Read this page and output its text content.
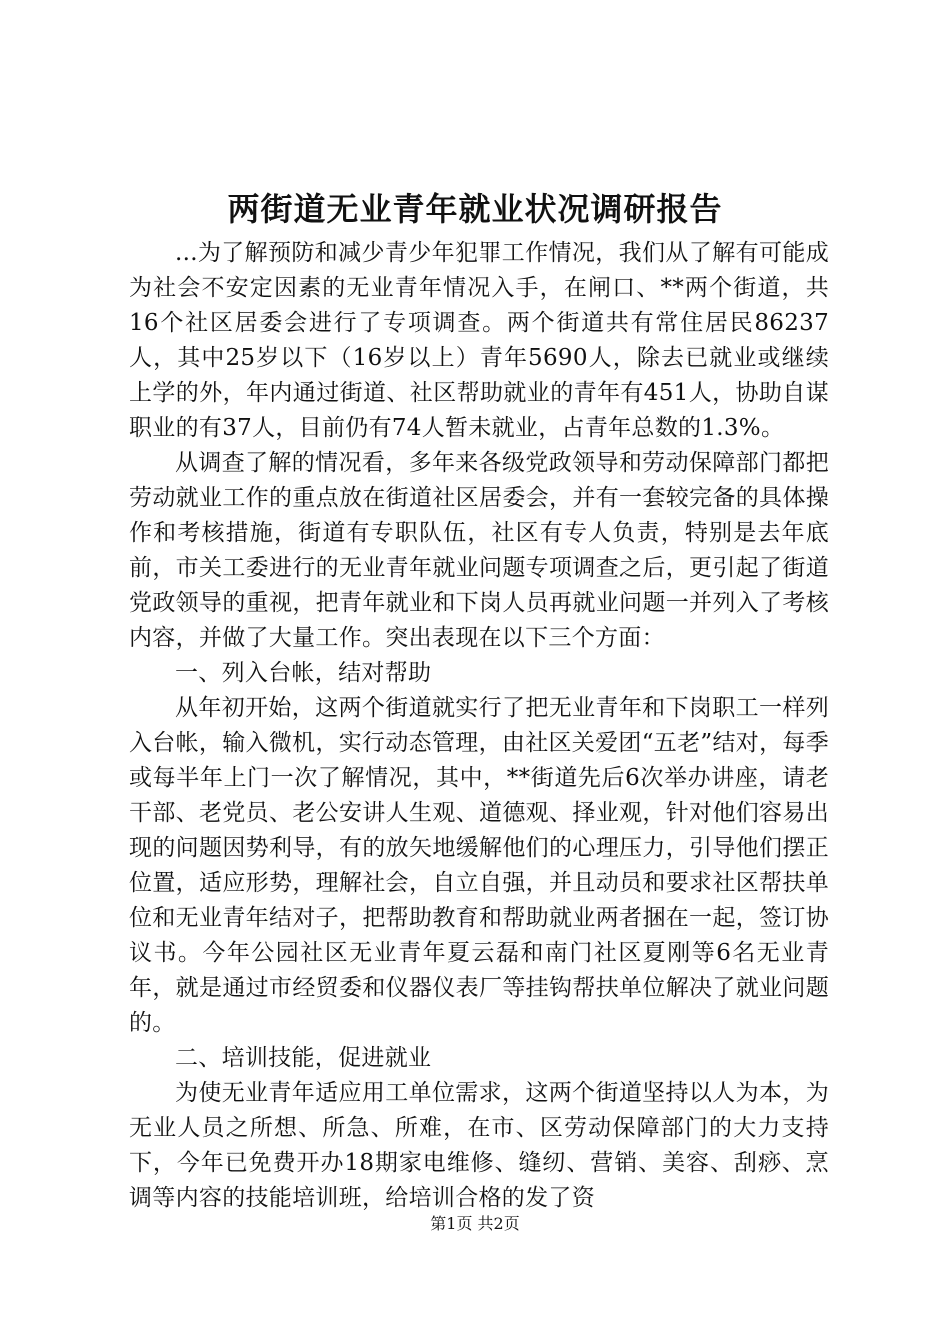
两街道无业青年就业状况调研报告

...为了解预防和减少青少年犯罪工作情况，我们从了解有可能成为社会不安定因素的无业青年情况入手，在闸口、**两个街道，共16个社区居委会进行了专项调查。两个街道共有常住居民86237人，其中25岁以下（16岁以上）青年5690人，除去已就业或继续上学的外，年内通过街道、社区帮助就业的青年有451人，协助自谋职业的有37人，目前仍有74人暂未就业，占青年总数的1.3%。

从调查了解的情况看，多年来各级党政领导和劳动保障部门都把劳动就业工作的重点放在街道社区居委会，并有一套较完备的具体操作和考核措施，街道有专职队伍，社区有专人负责，特别是去年底前，市关工委进行的无业青年就业问题专项调查之后，更引起了街道党政领导的重视，把青年就业和下岗人员再就业问题一并列入了考核内容，并做了大量工作。突出表现在以下三个方面：

一、列入台帐，结对帮助

从年初开始，这两个街道就实行了把无业青年和下岗职工一样列入台帐，输入微机，实行动态管理，由社区关爱团“五老”结对，每季或每半年上门一次了解情况，其中，**街道先后6次举办讲座，请老干部、老党员、老公安讲人生观、道德观、择业观，针对他们容易出现的问题因势利导，有的放矢地缓解他们的心理压力，引导他们摆正位置，适应形势，理解社会，自立自强，并且动员和要求社区帮扶单位和无业青年结对子，把帮助教育和帮助就业两者捆在一起，签订协议书。今年公园社区无业青年夏云磊和南门社区夏刚等6名无业青年，就是通过市经贸委和仪器仪表厂等挂钩帮扶单位解决了就业问题的。

二、培训技能，促进就业

为使无业青年适应用工单位需求，这两个街道坚持以人为本，为无业人员之所想、所急、所难，在市、区劳动保障部门的大力支持下，今年已免费开办18期家电维修、缝纫、营销、美容、刮痧、烹调等内容的技能培训班，给培训合格的发了资

第1页 共2页
